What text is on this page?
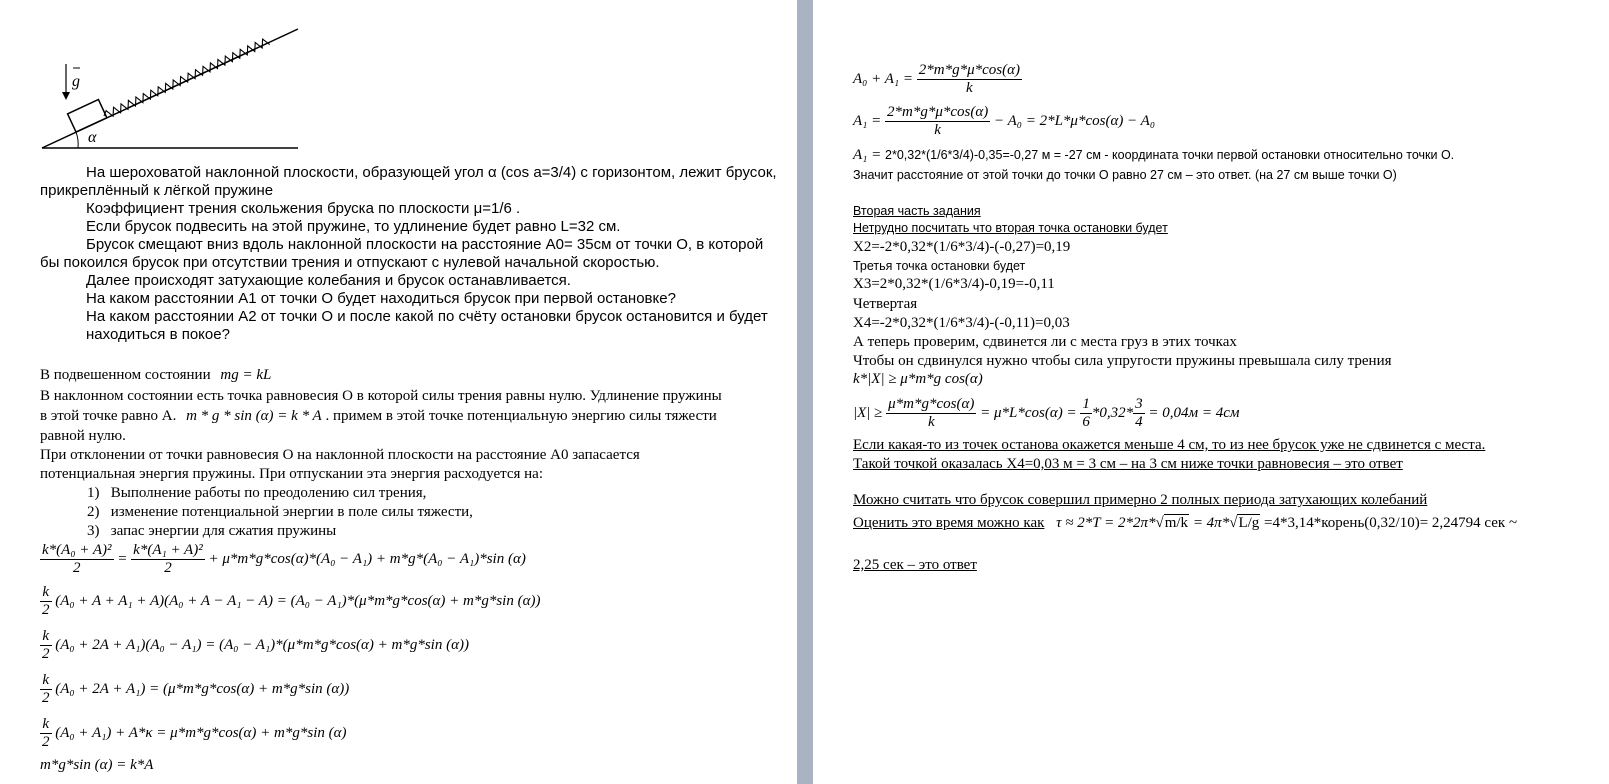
g
α
На шероховатой наклонной плоскости, образующей угол α (cos a=3/4) с горизонтом, лежит брусок, прикреплённый к лёгкой пружине
Коэффициент трения скольжения бруска по плоскости μ=1/6 .
Если брусок подвесить на этой пружине, то удлинение будет равно L=32 см.
Брусок смещают вниз вдоль наклонной плоскости на расстояние А0= 35см от точки О, в которой бы покоился брусок при отсутствии трения и отпускают с нулевой начальной скоростью.
Далее происходят затухающие колебания и брусок останавливается.
На каком расстоянии А1 от точки О будет находиться брусок при первой остановке?
На каком расстоянии А2 от точки О и после какой по счёту остановки брусок остановится и будет находиться в покое?
В подвешенном состоянии mg = kL
В наклонном состоянии есть точка равновесия О в которой силы трения равны нулю. Удлинение пружины
в этой точке равно А. m * g * sin (α) = k * A . примем в этой точке потенциальную энергию силы тяжести
равной нулю.
При отклонении от точки равновесия О на наклонной плоскости на расстояние А0 запасается
потенциальная энергия пружины. При отпускании эта энергия расходуется на:
1)   Выполнение работы по преодолению сил трения,
2)   изменение потенциальной энергии в поле силы тяжести,
3)   запас энергии для сжатия пружины
$\frac{\text{k*(A₀ + A)²}}{2} = \frac{\text{k*(A₁ + A)²}}{2} + \mu*m*g*\cos(\alpha)*(A_0 - A_1) + m*g*(A_0 - A_1)*\sin$ (α)
$\frac{k}{2} (A_0 + A + A_1 + A)(A_0 + A - A_1 - A) = (A_0 - A_1)*(\mu*m*g*\cos(\alpha) + m*g*\sin$ (α))
$\frac{k}{2} (A_0 + 2A + A_1)(A_0 - A_1) = (A_0 - A_1)*(\mu*m*g*\cos(\alpha) + m*g*\sin$ (α))
$\frac{k}{2} (A_0 + 2A + A_1) = (\mu*m*g*\cos(\alpha) + m*g*\sin$ (α))
$\frac{k}{2} (A_0 + A_1) + A*\kappa = \mu*m*g*\cos(\alpha) + m*g*\sin$ (α)
m*g*sin (α) = k*A
$A_0 + A_1 = \frac{2*m*g*\mu*\cos(\alpha)}{k}$
$A_1 = \frac{2*m*g*\mu*\cos(\alpha)}{k} - A_0 = 2*L*\mu*\cos(\alpha) - A_0$
A₁ = 2*0,32*(1/6*3/4)-0,35=-0,27 м = -27 см - координата точки первой остановки относительно точки О.
Значит расстояние от этой точки до точки О равно 27 см – это ответ. (на 27 см выше точки О)
Вторая часть задания
Нетрудно посчитать что вторая точка остановки будет
X2=-2*0,32*(1/6*3/4)-(-0,27)=0,19
Третья точка остановки будет
X3=2*0,32*(1/6*3/4)-0,19=-0,11
Четвертая
X4=-2*0,32*(1/6*3/4)-(-0,11)=0,03
А теперь проверим, сдвинется ли с места груз в этих точках
Чтобы он сдвинулся нужно чтобы сила упругости пружины превышала силу трения
k*|X| ≥ μ*m*g cos(α)
$|X| \ge \frac{\mu*m*g*\cos(\alpha)}{k} = \mu*L*\cos(\alpha) = \frac{1}{6} *0,32* \frac{3}{4} = 0,04м = 4см$
Если какая-то из точек останова окажется меньше 4 см, то из нее брусок уже не сдвинется с места.
Такой точкой оказалась Х4=0,03 м = 3 см – на 3 см ниже точки равновесия – это ответ
Можно считать что брусок совершил примерно 2 полных периода затухающих колебаний
Оценить это время можно как τ ≈ 2*T = 2*2π*√m/k = 4π*√L/g =4*3,14*корень(0,32/10)= 2,24794 сек ~
2,25 сек – это ответ
